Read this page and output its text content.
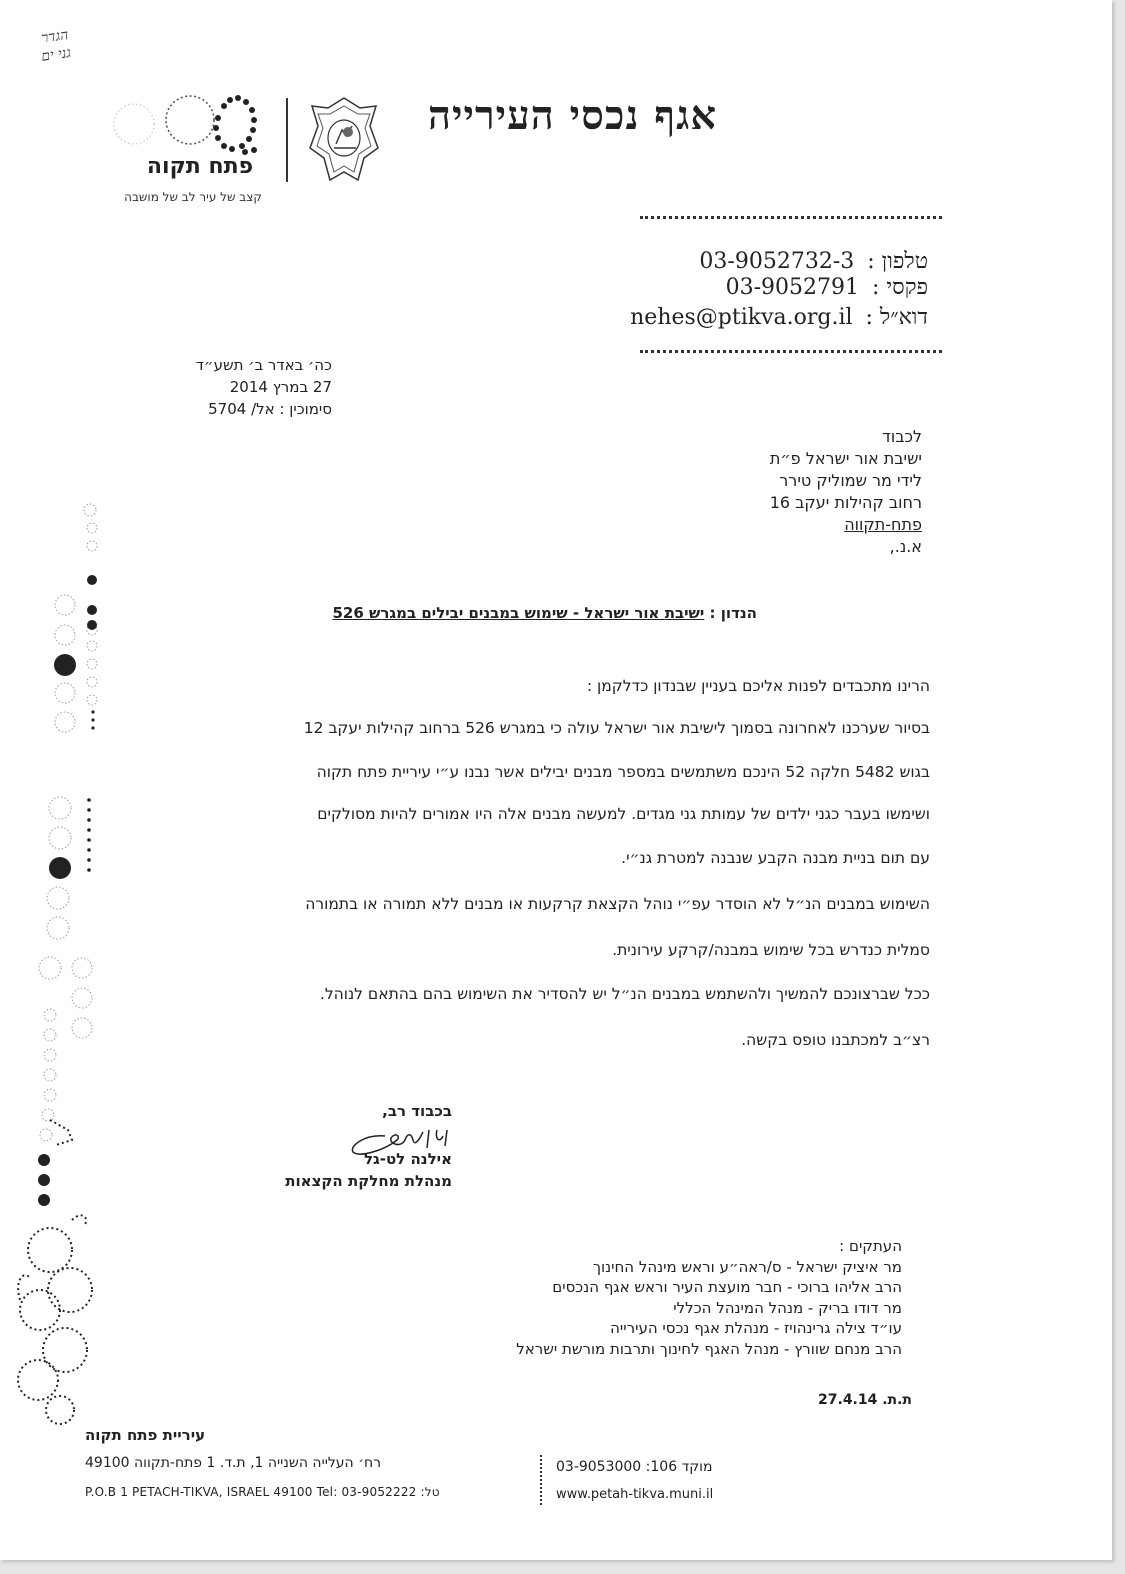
הגדר
גני ים
פתח תקוה
קצב של עיר לב של מושבה
אגף נכסי העירייה
טלפון : 03-9052732-3
פקסי : 03-9052791
דוא״ל : nehes@ptikva.org.il
כה׳ באדר ב׳ תשע״ד
27 במרץ 2014
סימוכין : אל/ 5704
לכבוד
ישיבת אור ישראל פ״ת
לידי מר שמוליק טירר
רחוב קהילות יעקב 16
פתח-תקווה
א.נ.,
הנדון : ישיבת אור ישראל - שימוש במבנים יבילים במגרש 526

הרינו מתכבדים לפנות אליכם בעניין שבנדון כדלקמן :

בסיור שערכנו לאחרונה בסמוך לישיבת אור ישראל עולה כי במגרש 526 ברחוב קהילות יעקב 12

בגוש 5482 חלקה 52 הינכם משתמשים במספר מבנים יבילים אשר נבנו ע״י עיריית פתח תקוה

ושימשו בעבר כגני ילדים של עמותת גני מגדים. למעשה מבנים אלה היו אמורים להיות מסולקים

עם תום בניית מבנה הקבע שנבנה למטרת גנ״י.

השימוש במבנים הנ״ל לא הוסדר עפ״י נוהל הקצאת קרקעות או מבנים ללא תמורה או בתמורה

סמלית כנדרש בכל שימוש במבנה/קרקע עירונית.

ככל שברצונכם להמשיך ולהשתמש במבנים הנ״ל יש להסדיר את השימוש בהם בהתאם לנוהל.

רצ״ב למכתבנו טופס בקשה.

בכבוד רב,
אילנה לט-גל
מנהלת מחלקת הקצאות
העתקים :
מר איציק ישראל - ס/ראה״ע וראש מינהל החינוך
הרב אליהו ברוכי - חבר מועצת העיר וראש אגף הנכסים
מר דודו בריק - מנהל המינהל הכללי
עו״ד צילה גרינהויז - מנהלת אגף נכסי העירייה
הרב מנחם שוורץ - מנהל האגף לחינוך ותרבות מורשת ישראל
ת.ת. 27.4.14
עיריית פתח תקוה
רח׳ העלייה השנייה 1, ת.ד. 1 פתח-תקווה 49100
P.O.B 1 PETACH-TIKVA, ISRAEL 49100 Tel: 03-9052222 :טל
מוקד 106: 03-9053000
www.petah-tikva.muni.il
